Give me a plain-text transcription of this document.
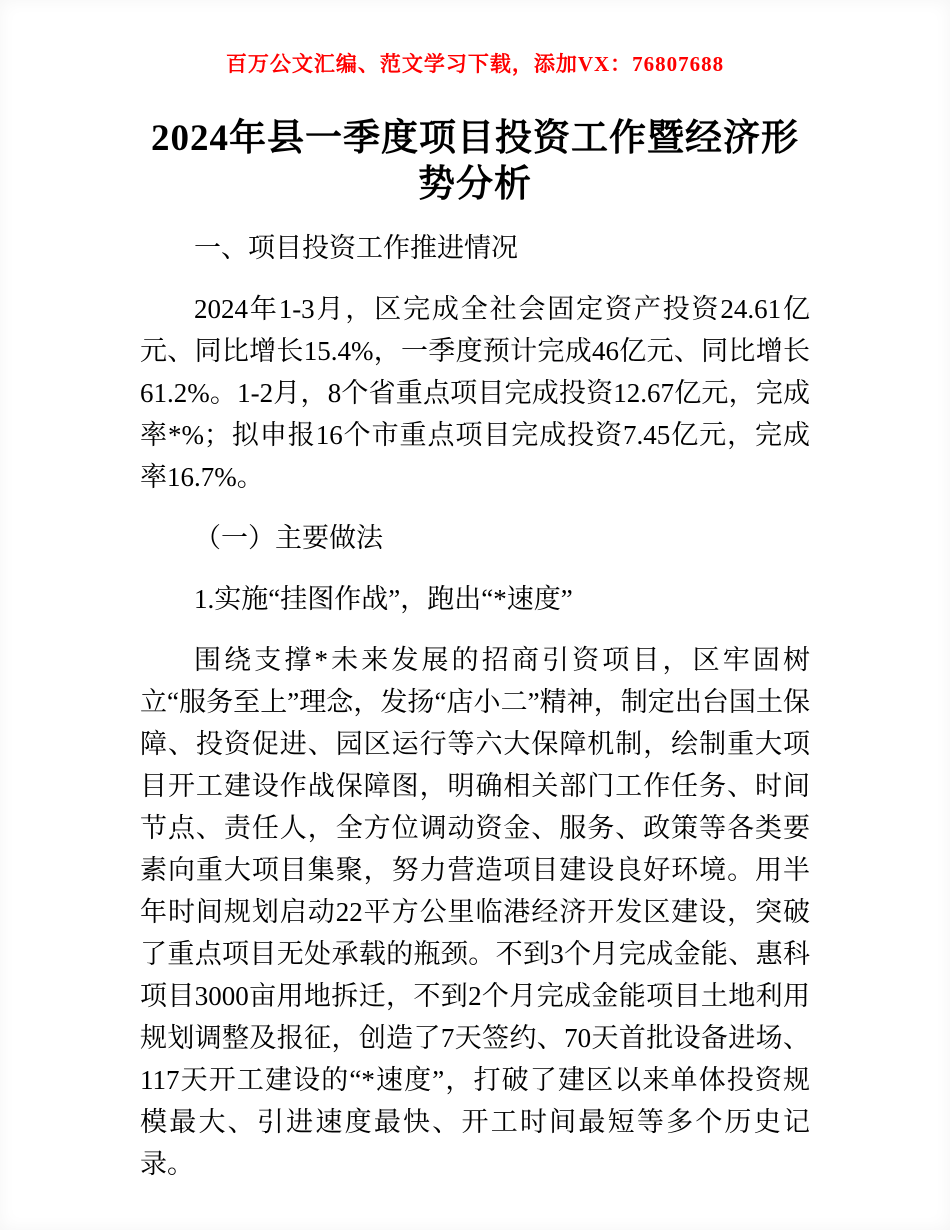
百万公文汇编、范文学习下载，添加VX：76807688
2024年县一季度项目投资工作暨经济形势分析

一、项目投资工作推进情况

2024年1-3月，区完成全社会固定资产投资24.61亿元、同比增长15.4%，一季度预计完成46亿元、同比增长61.2%。1-2月，8个省重点项目完成投资12.67亿元，完成率*%；拟申报16个市重点项目完成投资7.45亿元，完成率16.7%。

（一）主要做法

1.实施“挂图作战”，跑出“*速度”

围绕支撑*未来发展的招商引资项目，区牢固树立“服务至上”理念，发扬“店小二”精神，制定出台国土保障、投资促进、园区运行等六大保障机制，绘制重大项目开工建设作战保障图，明确相关部门工作任务、时间节点、责任人，全方位调动资金、服务、政策等各类要素向重大项目集聚，努力营造项目建设良好环境。用半年时间规划启动22平方公里临港经济开发区建设，突破了重点项目无处承载的瓶颈。不到3个月完成金能、惠科项目3000亩用地拆迁，不到2个月完成金能项目土地利用规划调整及报征，创造了7天签约、70天首批设备进场、117天开工建设的“*速度”，打破了建区以来单体投资规模最大、引进速度最快、开工时间最短等多个历史记录。
